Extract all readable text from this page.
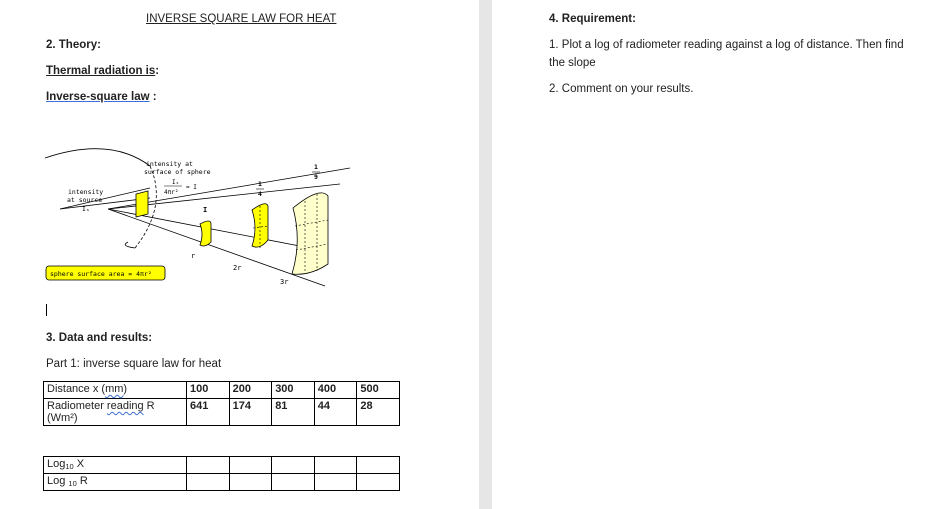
INVERSE SQUARE LAW FOR HEAT
2. Theory:
Thermal radiation is:
Inverse-square law :
intensity at
surface of sphere
Iₛ
4πr²
= I
intensity
at source
Iₛ	I
1
4
1
9
r
2r
3r
sphere surface area = 4πr²
3. Data and results:
Part 1: inverse square law for heat
Distance x (mm)	100	200	300	400	500
Radiometer reading R
(Wm²)	641	174	81	44	28
Log10 X					
Log 10 R					
4. Requirement:
1. Plot a log of radiometer reading against a log of distance. Then find
the slope
2. Comment on your results.
